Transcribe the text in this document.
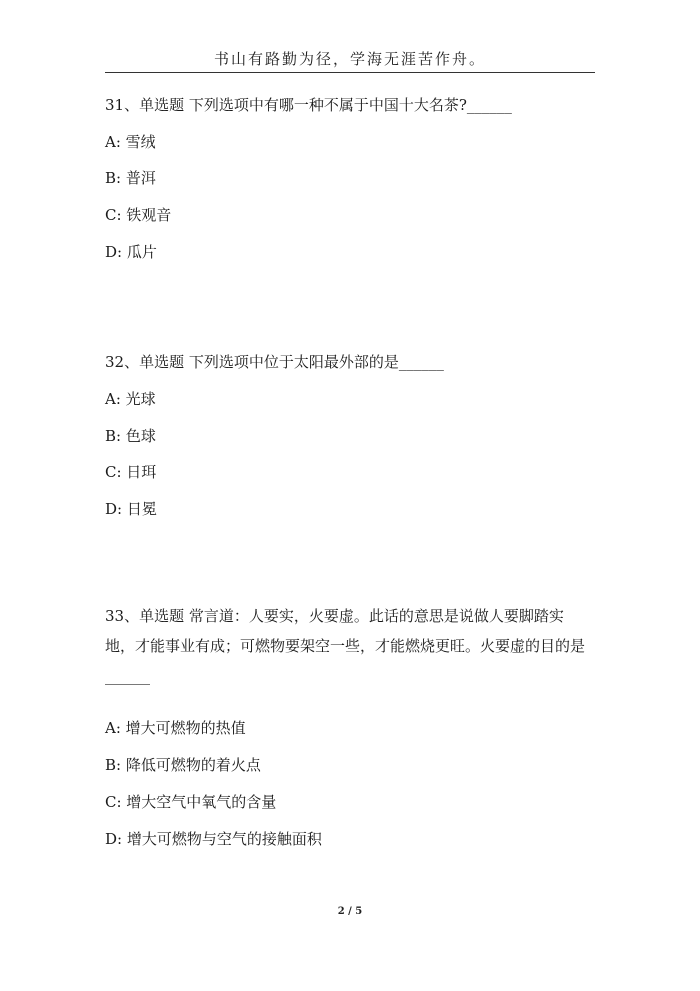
书山有路勤为径，学海无涯苦作舟。
31、单选题 下列选项中有哪一种不属于中国十大名茶?______
A: 雪绒
B: 普洱
C: 铁观音
D: 瓜片
32、单选题 下列选项中位于太阳最外部的是______
A: 光球
B: 色球
C: 日珥
D: 日冕
33、单选题 常言道：人要实，火要虚。此话的意思是说做人要脚踏实地，才能事业有成；可燃物要架空一些，才能燃烧更旺。火要虚的目的是______
A: 增大可燃物的热值
B: 降低可燃物的着火点
C: 增大空气中氧气的含量
D: 增大可燃物与空气的接触面积
2 / 5
